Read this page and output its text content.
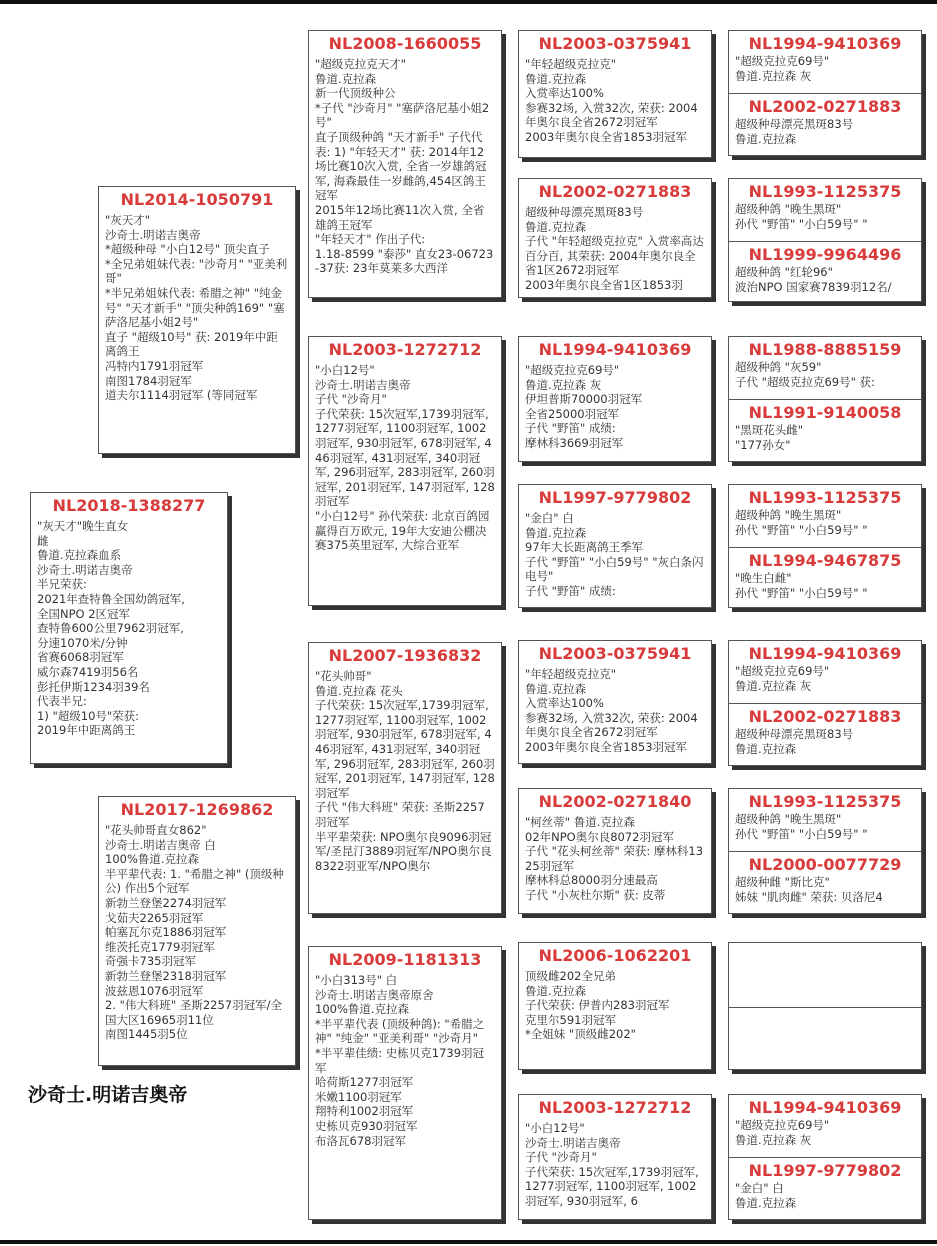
NL2018-1388277
"灰天才"晚生直女
雌
鲁道.克拉森血系
沙奇士.明诺吉奥帝
半兄荣获:
2021年查特鲁全国幼鸽冠军,
全国NPO 2区冠军
查特鲁600公里7962羽冠军,
分速1070米/分钟
省赛6068羽冠军
威尔森7419羽56名
彭托伊斯1234羽39名
代表半兄:
1) "超级10号"荣获:
2019年中距离鸽王
NL2014-1050791
"灰天才"
沙奇士.明诺吉奥帝
*超级种母 "小白12号" 顶尖直子
*全兄弟姐妹代表: "沙奇月" "亚美利哥"
*半兄弟姐妹代表: 希腊之神" "纯金号" "天才新手" "顶尖种鸽169" "塞萨洛尼基小姐2号"
直子 "超级10号" 获: 2019年中距离鸽王
冯特内1791羽冠军
南图1784羽冠军
道夫尔1114羽冠军 (等同冠军
NL2017-1269862
"花头帅哥直女862"
沙奇士.明诺吉奥帝 白
100%鲁道.克拉森
半平辈代表: 1. "希腊之神" (顶级种公) 作出5个冠军
新勃兰登堡2274羽冠军
戈茹夫2265羽冠军
帕塞瓦尔克1886羽冠军
维茨托克1779羽冠军
奇强卡735羽冠军
新勃兰登堡2318羽冠军
波兹恩1076羽冠军
2. "伟大科班" 圣斯2257羽冠军/全国大区16965羽11位
南图1445羽5位
沙奇士.明诺吉奥帝
NL2008-1660055
"超级克拉克天才"
鲁道.克拉森
新一代顶级种公
*子代 "沙奇月" "塞萨洛尼基小姐2号"
直子顶级种鸽 "天才新手" 子代代表: 1) "年轻天才" 获: 2014年12场比赛10次入赏, 全省一岁雄鸽冠军, 海森最佳一岁雌鸽,454区鸽王冠军
2015年12场比赛11次入赏, 全省雄鸽王冠军
"年轻天才" 作出子代:
1.18-8599 "泰莎" 直女23-06723-37获: 23年莫莱多大西洋
NL2003-1272712
"小白12号"
沙奇士.明诺吉奥帝
子代 "沙奇月"
子代荣获: 15次冠军,1739羽冠军, 1277羽冠军, 1100羽冠军, 1002羽冠军, 930羽冠军, 678羽冠军, 446羽冠军, 431羽冠军, 340羽冠军, 296羽冠军, 283羽冠军, 260羽冠军, 201羽冠军, 147羽冠军, 128羽冠军
"小白12号" 孙代荣获: 北京百鸽园赢得百万欧元, 19年大安迪公棚决赛375英里冠军, 大综合亚军
NL2007-1936832
"花头帅哥"
鲁道.克拉森 花头
子代荣获: 15次冠军,1739羽冠军, 1277羽冠军, 1100羽冠军, 1002羽冠军, 930羽冠军, 678羽冠军, 446羽冠军, 431羽冠军, 340羽冠军, 296羽冠军, 283羽冠军, 260羽冠军, 201羽冠军, 147羽冠军, 128羽冠军
子代 "伟大科班" 荣获: 圣斯2257羽冠军
半平辈荣获: NPO奥尔良9096羽冠军/圣昆汀3889羽冠军/NPO奥尔良8322羽亚军/NPO奥尔
NL2009-1181313
"小白313号" 白
沙奇士.明诺吉奥帝原舍
100%鲁道.克拉森
*半平辈代表 (顶级种鸽): "希腊之神" "纯金" "亚美利哥" "沙奇月"
*半平辈佳绩: 史栋贝克1739羽冠军
哈荷斯1277羽冠军
米嫩1100羽冠军
翔特利1002羽冠军
史栋贝克930羽冠军
布洛瓦678羽冠军
NL2003-0375941
"年轻超级克拉克"
鲁道.克拉森
入赏率达100%
参赛32场, 入赏32次, 荣获: 2004年奥尔良全省2672羽冠军
2003年奥尔良全省1853羽冠军
NL2002-0271883
超级种母漂亮黑斑83号
鲁道.克拉森
子代 "年轻超级克拉克" 入赏率高达百分百, 其荣获: 2004年奥尔良全省1区2672羽冠军
2003年奥尔良全省1区1853羽
NL1994-9410369
"超级克拉克69号"
鲁道.克拉森 灰
伊坦普斯70000羽冠军
全省25000羽冠军
子代 "野笛" 成绩:
摩林科3669羽冠军
NL1997-9779802
"金白" 白
鲁道.克拉森
97年大长距离鸽王季军
子代 "野笛" "小白59号" "灰白条闪电号"
子代 "野笛" 成绩:
NL2003-0375941
"年轻超级克拉克"
鲁道.克拉森
入赏率达100%
参赛32场, 入赏32次, 荣获: 2004年奥尔良全省2672羽冠军
2003年奥尔良全省1853羽冠军
NL2002-0271840
"柯丝蒂" 鲁道.克拉森
02年NPO奥尔良8072羽冠军
子代 "花头柯丝蒂" 荣获: 摩林科1325羽冠军
摩林科总8000羽分速最高
子代 "小灰杜尔斯" 获: 皮蒂
NL2006-1062201
顶级雌202全兄弟
鲁道.克拉森
子代荣获: 伊普内283羽冠军
克里尔591羽冠军
*全姐妹 "顶级雌202"
NL2003-1272712
"小白12号"
沙奇士.明诺吉奥帝
子代 "沙奇月"
子代荣获: 15次冠军,1739羽冠军, 1277羽冠军, 1100羽冠军, 1002羽冠军, 930羽冠军, 6
NL1994-9410369
"超级克拉克69号"
鲁道.克拉森 灰
NL2002-0271883
超级种母漂亮黑斑83号
鲁道.克拉森
NL1993-1125375
超级种鸽 "晚生黑斑"
孙代 "野笛" "小白59号" "
NL1999-9964496
超级种鸽 "红轮96"
波治NPO 国家赛7839羽12名/
NL1988-8885159
超级种鸽 "灰59"
子代 "超级克拉克69号" 获:
NL1991-9140058
"黑斑花头雌"
"177孙女"
NL1993-1125375
超级种鸽 "晚生黑斑"
孙代 "野笛" "小白59号" "
NL1994-9467875
"晚生白雌"
孙代 "野笛" "小白59号" "
NL1994-9410369
"超级克拉克69号"
鲁道.克拉森 灰
NL2002-0271883
超级种母漂亮黑斑83号
鲁道.克拉森
NL1993-1125375
超级种鸽 "晚生黑斑"
孙代 "野笛" "小白59号" "
NL2000-0077729
超级种雌 "斯比克"
姊妹 "肌肉雌" 荣获: 贝洛尼4
NL1994-9410369
"超级克拉克69号"
鲁道.克拉森 灰
NL1997-9779802
"金白" 白
鲁道.克拉森
